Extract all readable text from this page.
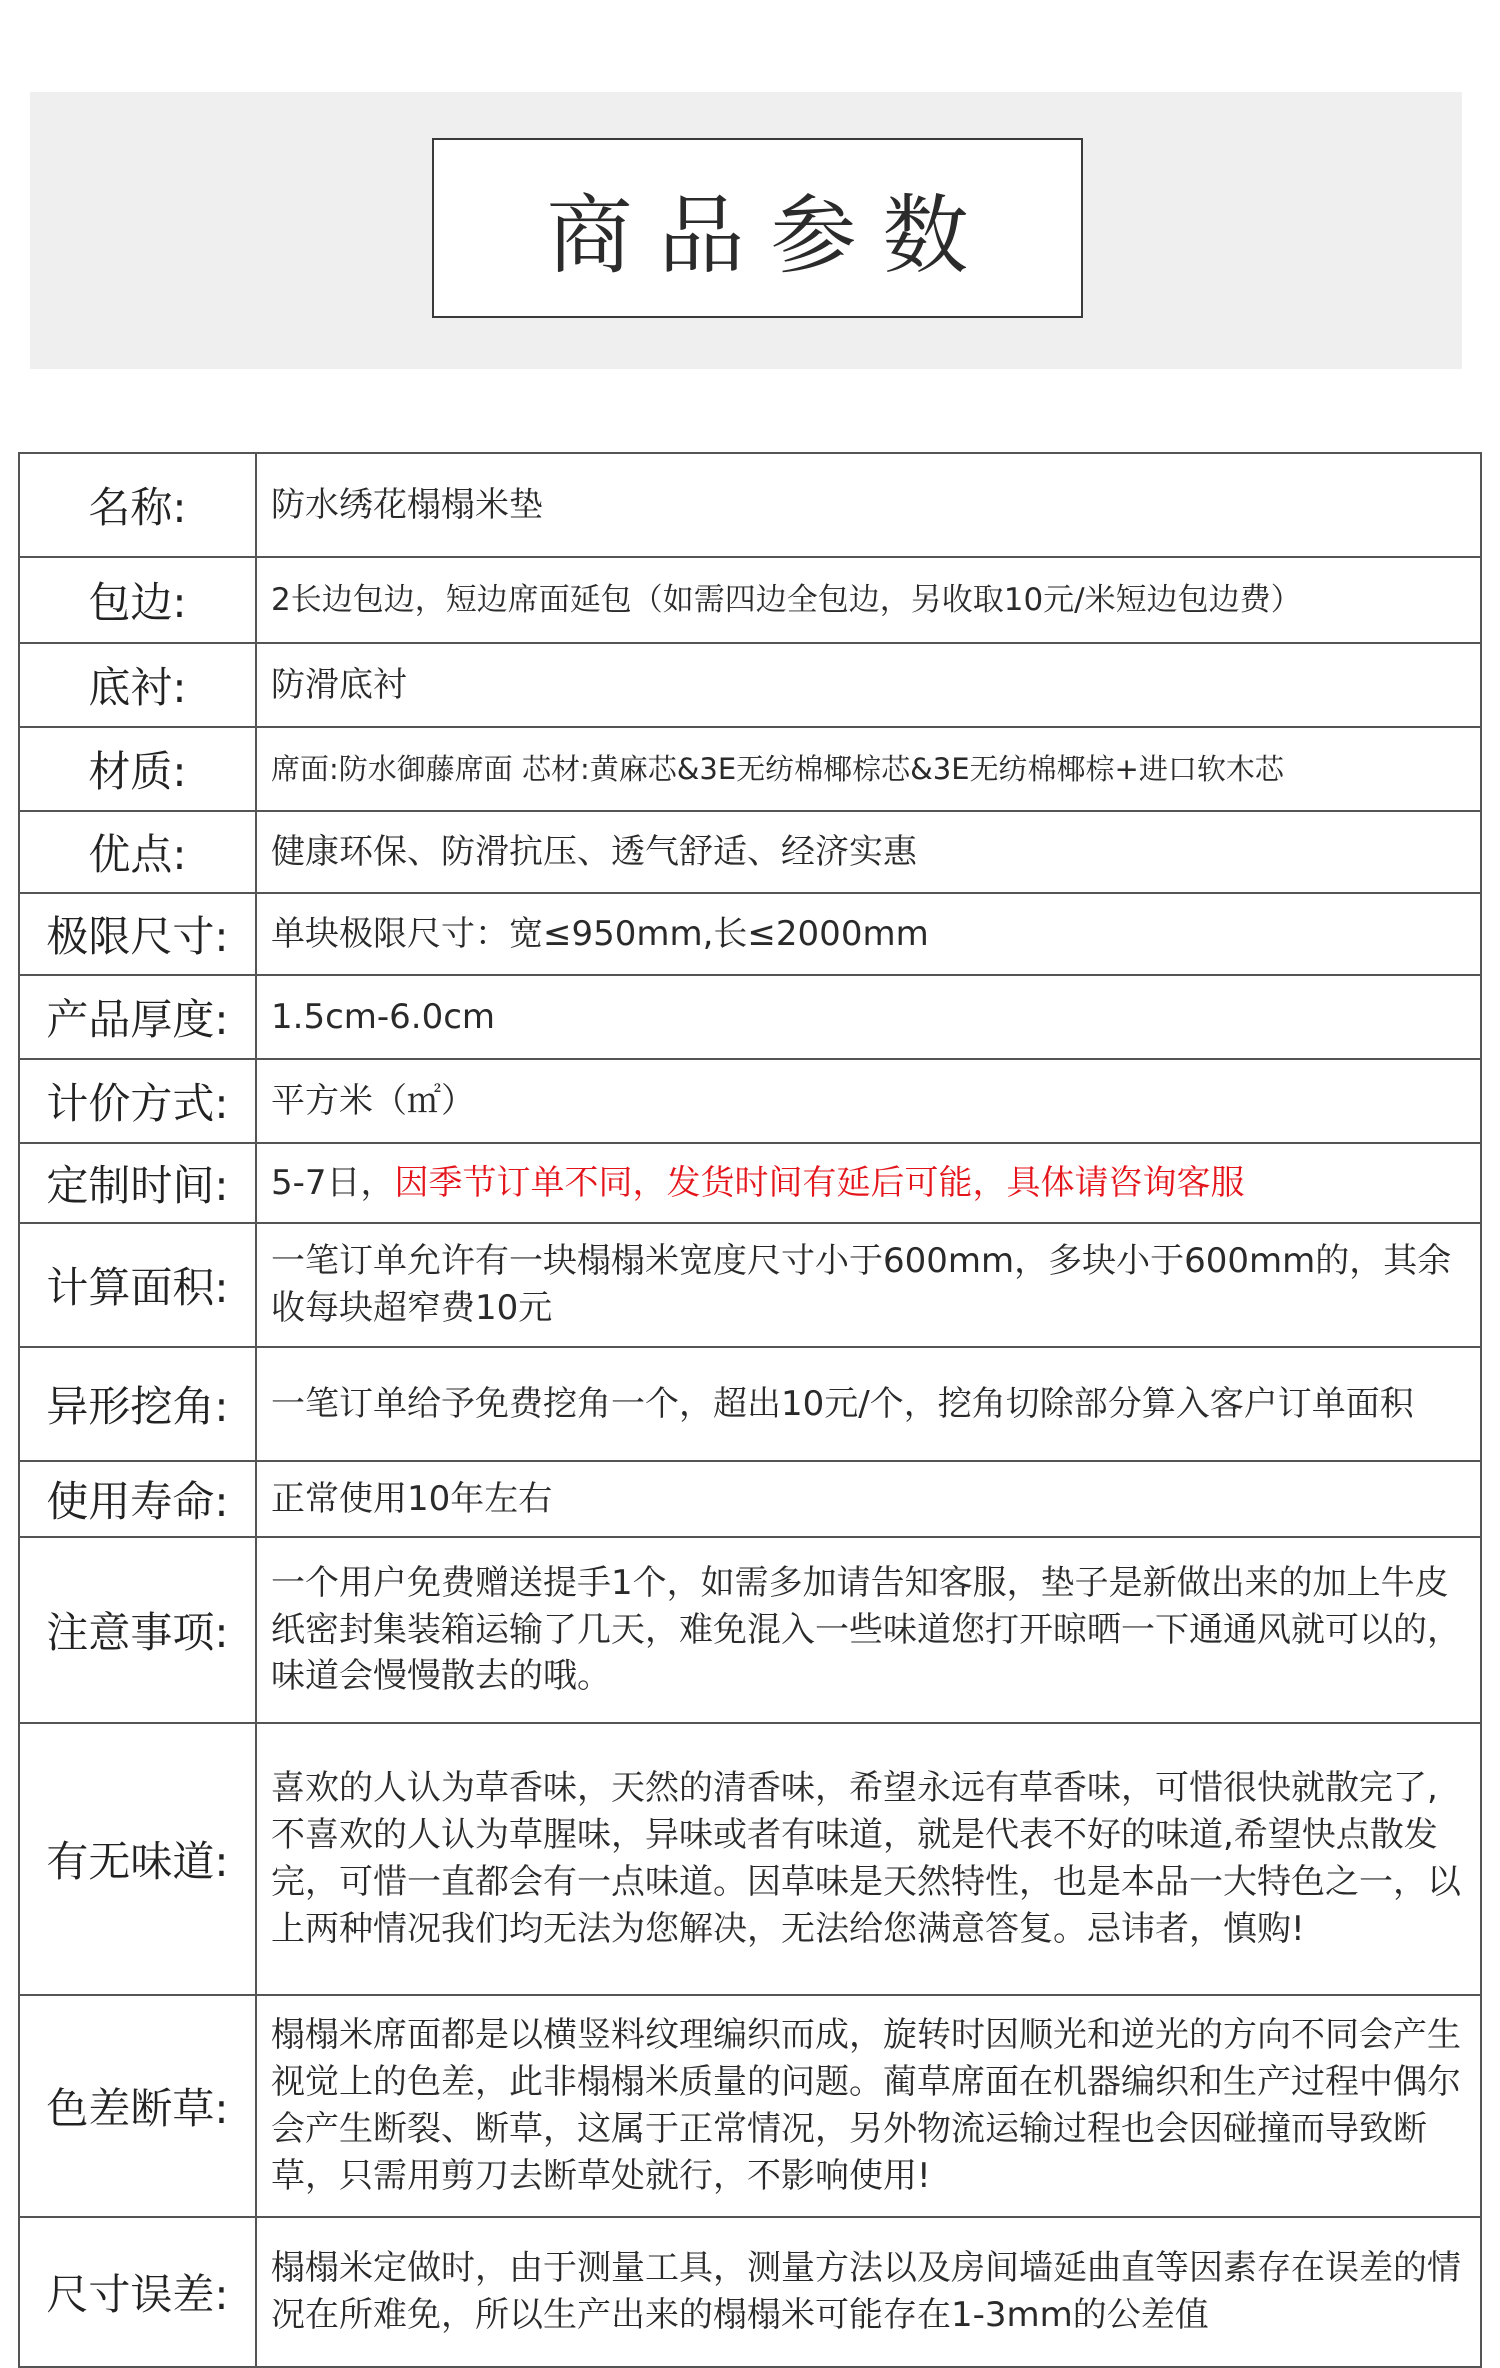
商品参数
名称:	防水绣花榻榻米垫
包边:	2长边包边，短边席面延包（如需四边全包边，另收取10元/米短边包边费）
底衬:	防滑底衬
材质:	席面:防水御藤席面 芯材:黄麻芯&3E无纺棉椰棕芯&3E无纺棉椰棕+进口软木芯
优点:	健康环保、防滑抗压、透气舒适、经济实惠
极限尺寸:	单块极限尺寸：宽≤950mm,长≤2000mm
产品厚度:	1.5cm-6.0cm
计价方式:	平方米（㎡）
定制时间:	5-7日，因季节订单不同，发货时间有延后可能，具体请咨询客服
计算面积:	一笔订单允许有一块榻榻米宽度尺寸小于600mm，多块小于600mm的，其余收每块超窄费10元
异形挖角:	一笔订单给予免费挖角一个，超出10元/个，挖角切除部分算入客户订单面积
使用寿命:	正常使用10年左右
注意事项:	一个用户免费赠送提手1个，如需多加请告知客服，垫子是新做出来的加上牛皮纸密封集装箱运输了几天，难免混入一些味道您打开晾晒一下通通风就可以的，味道会慢慢散去的哦。
有无味道:	喜欢的人认为草香味，天然的清香味，希望永远有草香味，可惜很快就散完了,不喜欢的人认为草腥味，异味或者有味道，就是代表不好的味道,希望快点散发完，可惜一直都会有一点味道。因草味是天然特性，也是本品一大特色之一，以上两种情况我们均无法为您解决，无法给您满意答复。忌讳者，慎购!
色差断草:	榻榻米席面都是以横竖料纹理编织而成，旋转时因顺光和逆光的方向不同会产生视觉上的色差，此非榻榻米质量的问题。蔺草席面在机器编织和生产过程中偶尔会产生断裂、断草，这属于正常情况，另外物流运输过程也会因碰撞而导致断草，只需用剪刀去断草处就行，不影响使用!
尺寸误差:	榻榻米定做时，由于测量工具，测量方法以及房间墙延曲直等因素存在误差的情况在所难免，所以生产出来的榻榻米可能存在1-3mm的公差值
